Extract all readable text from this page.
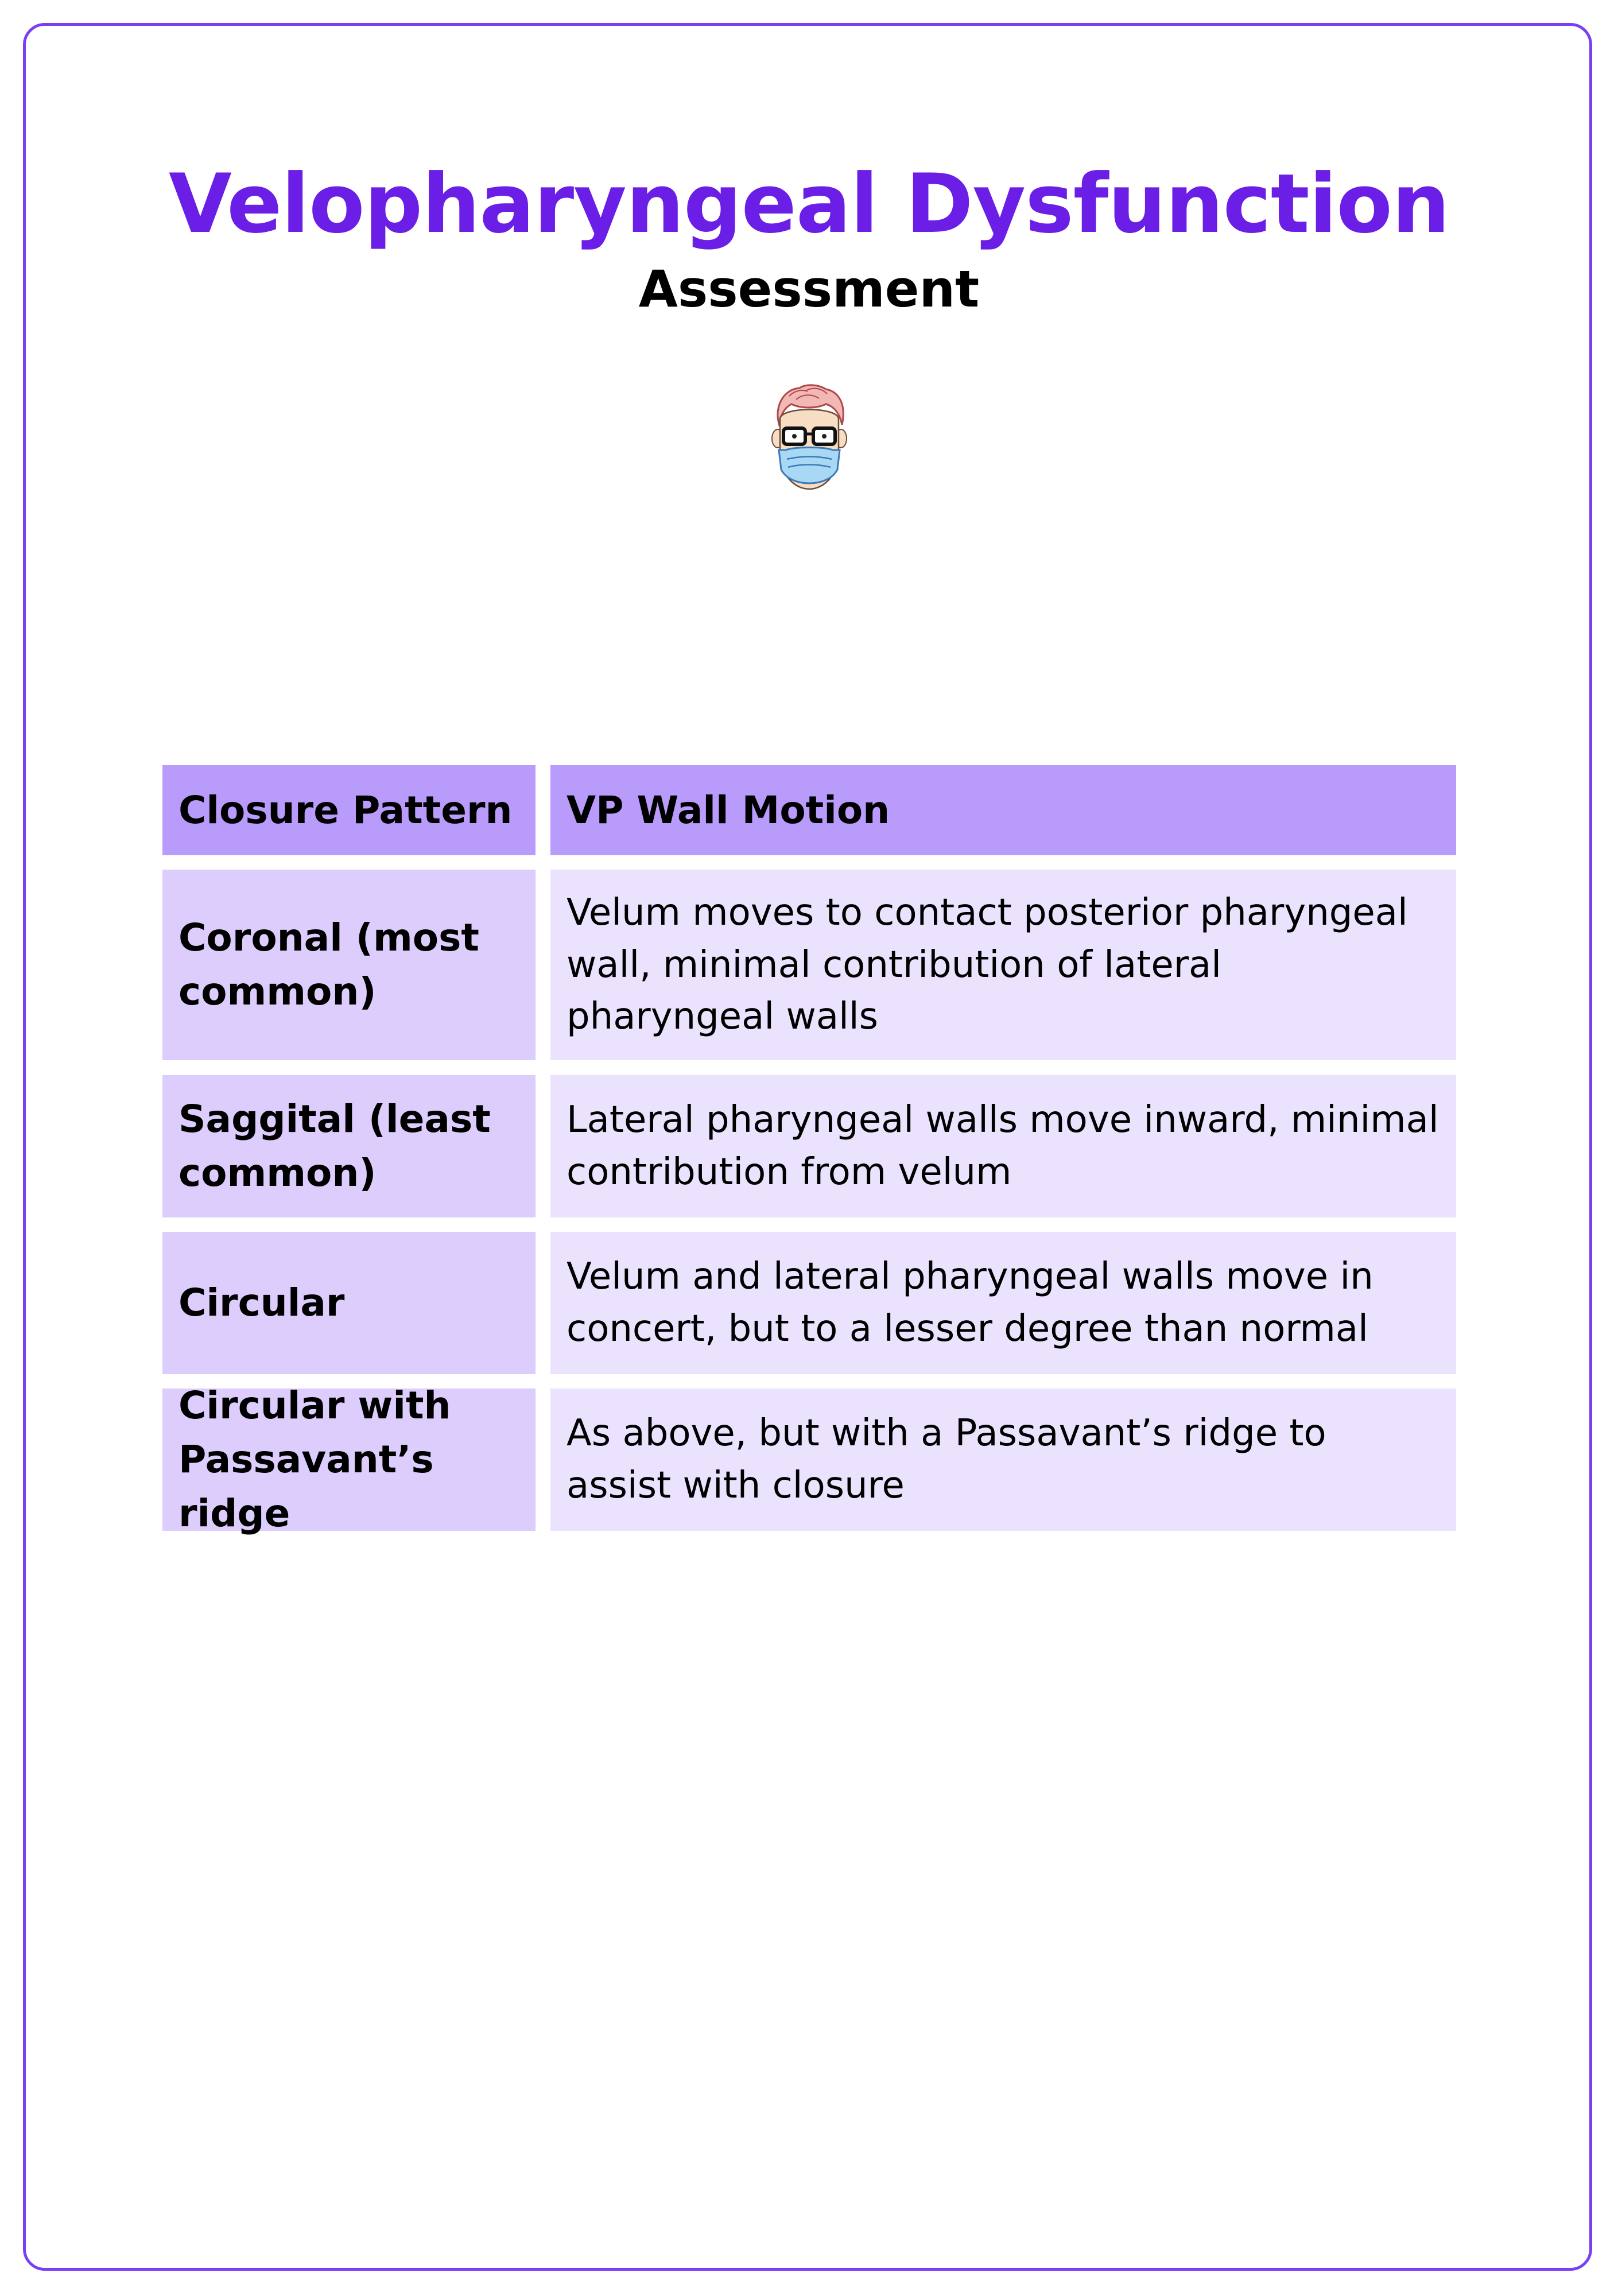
Velopharyngeal Dysfunction
Assessment
Closure Pattern	VP Wall Motion
Coronal (most common)
Velum moves to contact posterior pharyngeal wall, minimal contribution of lateral pharyngeal walls
Saggital (least common)
Lateral pharyngeal walls move inward, minimal contribution from velum
Circular
Velum and lateral pharyngeal walls move in concert, but to a lesser degree than normal
Circular with Passavant’s ridge
As above, but with a Passavant’s ridge to assist with closure
